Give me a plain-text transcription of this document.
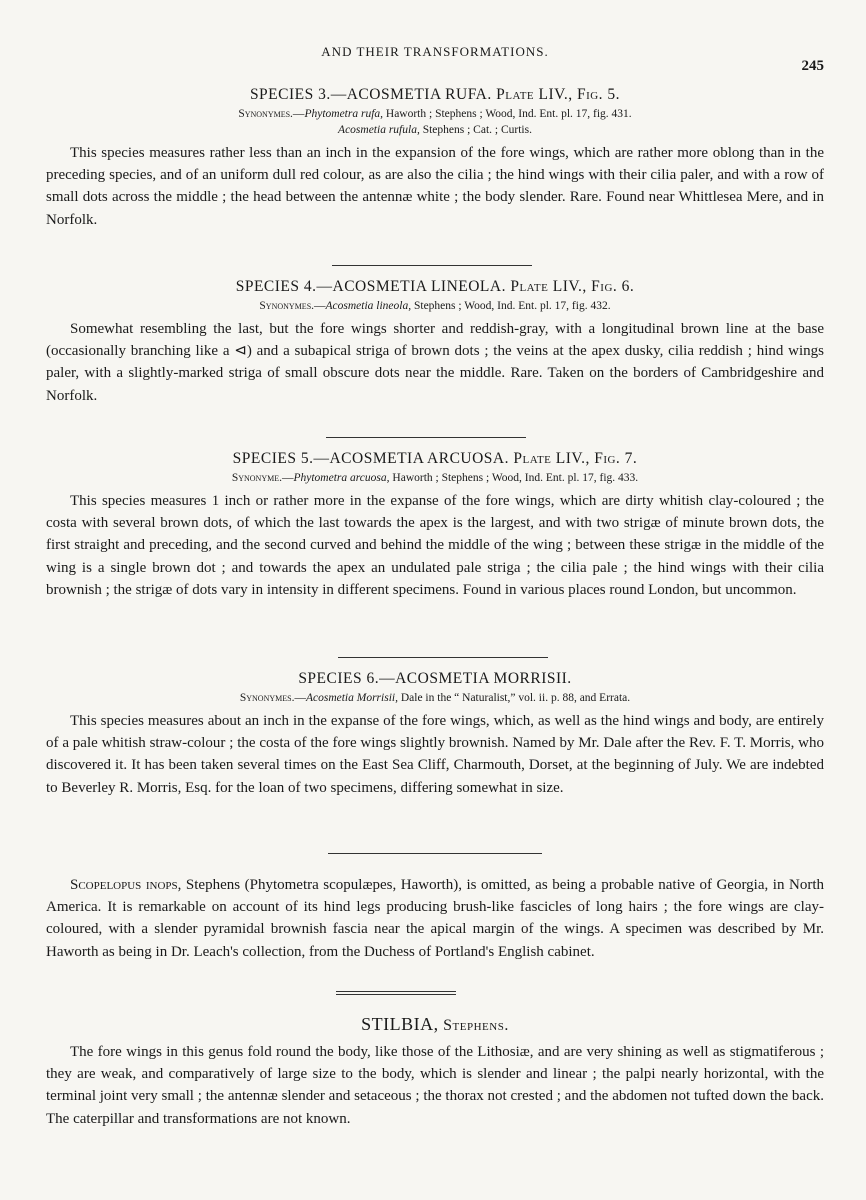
AND THEIR TRANSFORMATIONS.
245

SPECIES 3.—ACOSMETIA RUFA. Plate LIV., Fig. 5.

Synonymes.—Phytometra rufa, Haworth ; Stephens ; Wood, Ind. Ent. pl. 17, fig. 431.
Acosmetia rufula, Stephens ; Cat. ; Curtis.

This species measures rather less than an inch in the expansion of the fore wings, which are rather more oblong than in the preceding species, and of an uniform dull red colour, as are also the cilia ; the hind wings with their cilia paler, and with a row of small dots across the middle ; the head between the antennæ white ; the body slender. Rare. Found near Whittlesea Mere, and in Norfolk.

SPECIES 4.—ACOSMETIA LINEOLA. Plate LIV., Fig. 6.

Synonymes.—Acosmetia lineola, Stephens ; Wood, Ind. Ent. pl. 17, fig. 432.

Somewhat resembling the last, but the fore wings shorter and reddish-gray, with a longitudinal brown line at the base (occasionally branching like a ⊲) and a subapical striga of brown dots ; the veins at the apex dusky, cilia reddish ; hind wings paler, with a slightly-marked striga of small obscure dots near the middle. Rare. Taken on the borders of Cambridgeshire and Norfolk.

SPECIES 5.—ACOSMETIA ARCUOSA. Plate LIV., Fig. 7.

Synonyme.—Phytometra arcuosa, Haworth ; Stephens ; Wood, Ind. Ent. pl. 17, fig. 433.

This species measures 1 inch or rather more in the expanse of the fore wings, which are dirty whitish clay-coloured ; the costa with several brown dots, of which the last towards the apex is the largest, and with two strigæ of minute brown dots, the first straight and preceding, and the second curved and behind the middle of the wing ; between these strigæ in the middle of the wing is a single brown dot ; and towards the apex an undulated pale striga ; the cilia pale ; the hind wings with their cilia brownish ; the strigæ of dots vary in intensity in different specimens. Found in various places round London, but uncommon.

SPECIES 6.—ACOSMETIA MORRISII.

Synonymes.—Acosmetia Morrisii, Dale in the “ Naturalist,” vol. ii. p. 88, and Errata.

This species measures about an inch in the expanse of the fore wings, which, as well as the hind wings and body, are entirely of a pale whitish straw-colour ; the costa of the fore wings slightly brownish. Named by Mr. Dale after the Rev. F. T. Morris, who discovered it. It has been taken several times on the East Sea Cliff, Charmouth, Dorset, at the beginning of July. We are indebted to Beverley R. Morris, Esq. for the loan of two specimens, differing somewhat in size.

Scopelopus inops, Stephens (Phytometra scopulæpes, Haworth), is omitted, as being a probable native of Georgia, in North America. It is remarkable on account of its hind legs producing brush-like fascicles of long hairs ; the fore wings are clay-coloured, with a slender pyramidal brownish fascia near the apical margin of the wings. A specimen was described by Mr. Haworth as being in Dr. Leach's collection, from the Duchess of Portland's English cabinet.

STILBIA, Stephens.

The fore wings in this genus fold round the body, like those of the Lithosiæ, and are very shining as well as stigmatiferous ; they are weak, and comparatively of large size to the body, which is slender and linear ; the palpi nearly horizontal, with the terminal joint very small ; the antennæ slender and setaceous ; the thorax not crested ; and the abdomen not tufted down the back. The caterpillar and transformations are not known.
